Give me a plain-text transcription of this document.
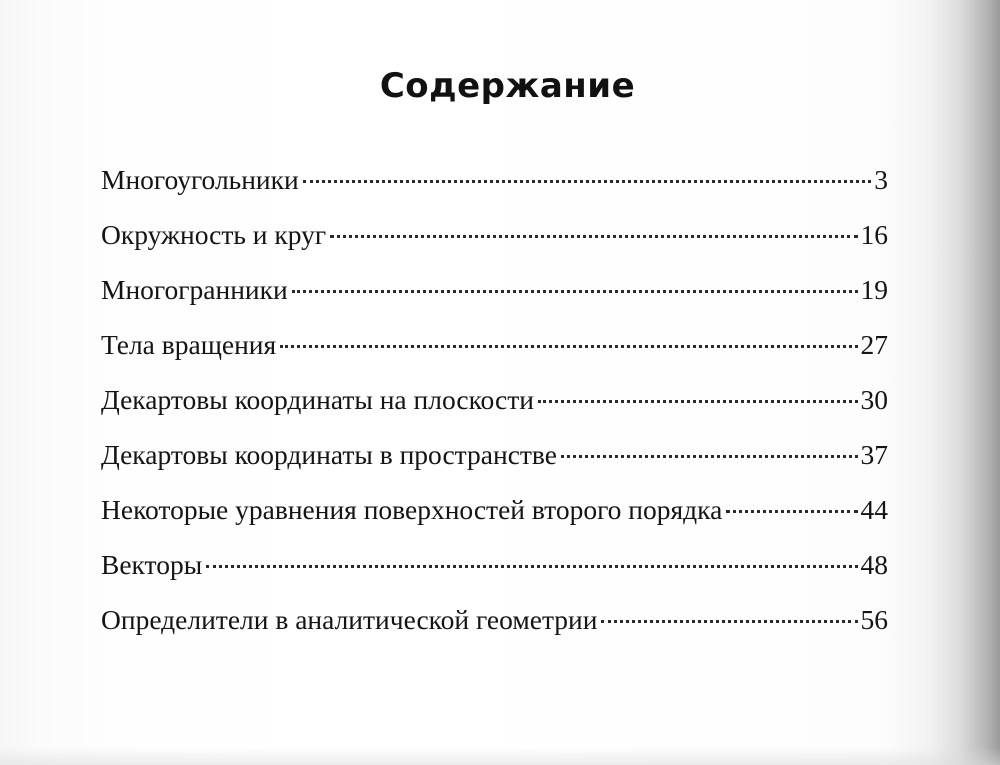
Содержание
Многоугольники	3
Окружность и круг	16
Многогранники	19
Тела вращения	27
Декартовы координаты на плоскости	30
Декартовы координаты в пространстве	37
Некоторые уравнения поверхностей второго порядка	44
Векторы	48
Определители в аналитической геометрии	56
